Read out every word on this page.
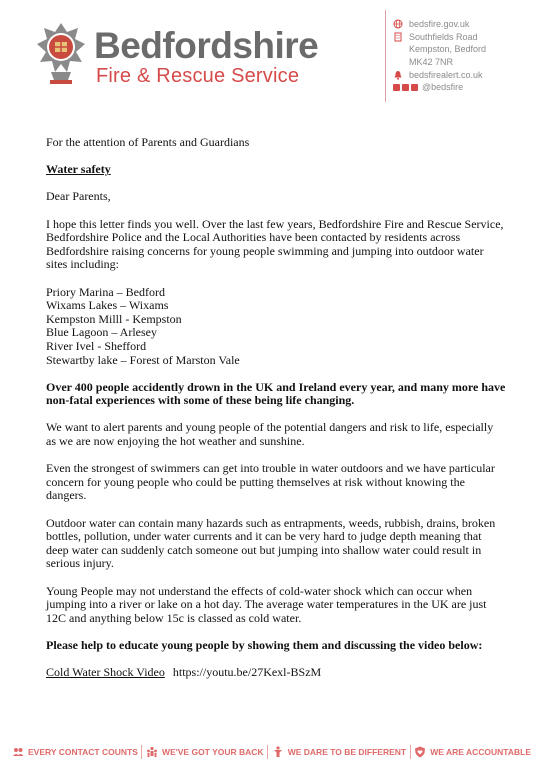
Bedfordshire
Fire & Rescue Service
bedsfire.gov.uk
Southfields Road
Kempston, Bedford
MK42 7NR
bedsfirealert.co.uk
@bedsfire

For the attention of Parents and Guardians

Water safety

Dear Parents,

I hope this letter finds you well. Over the last few years, Bedfordshire Fire and Rescue Service, Bedfordshire Police and the Local Authorities have been contacted by residents across Bedfordshire raising concerns for young people swimming and jumping into outdoor water sites including:

Priory Marina – Bedford
Wixams Lakes – Wixams
Kempston Milll - Kempston
Blue Lagoon – Arlesey
River Ivel - Shefford
Stewartby lake – Forest of Marston Vale

Over 400 people accidently drown in the UK and Ireland every year, and many more have non-fatal experiences with some of these being life changing.

We want to alert parents and young people of the potential dangers and risk to life, especially as we are now enjoying the hot weather and sunshine.

Even the strongest of swimmers can get into trouble in water outdoors and we have particular concern for young people who could be putting themselves at risk without knowing the dangers.

Outdoor water can contain many hazards such as entrapments, weeds, rubbish, drains, broken bottles, pollution, under water currents and it can be very hard to judge depth meaning that deep water can suddenly catch someone out but jumping into shallow water could result in serious injury.

Young People may not understand the effects of cold-water shock which can occur when jumping into a river or lake on a hot day. The average water temperatures in the UK are just 12C and anything below 15c is classed as cold water.

Please help to educate young people by showing them and discussing the video below:

Cold Water Shock Video https://youtu.be/27Kexl-BSzM

EVERY CONTACT COUNTS	WE'VE GOT YOUR BACK	WE DARE TO BE DIFFERENT	WE ARE ACCOUNTABLE
